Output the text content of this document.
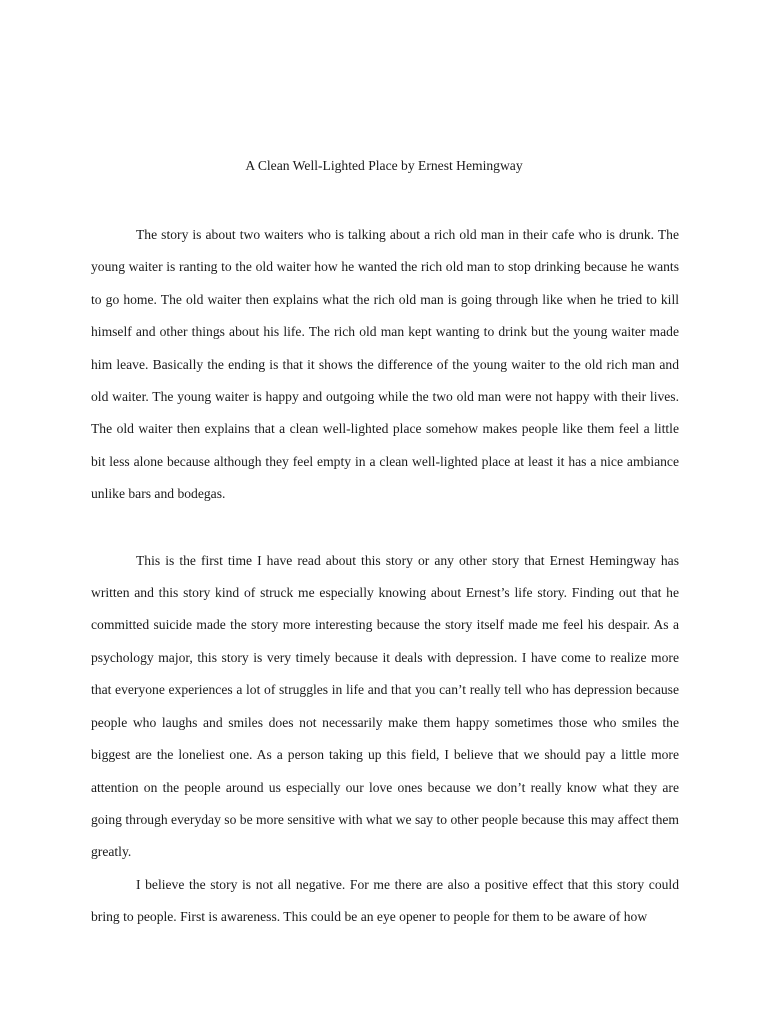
A Clean Well-Lighted Place by Ernest Hemingway

The story is about two waiters who is talking about a rich old man in their cafe who is drunk. The young waiter is ranting to the old waiter how he wanted the rich old man to stop drinking because he wants to go home. The old waiter then explains what the rich old man is going through like when he tried to kill himself and other things about his life. The rich old man kept wanting to drink but the young waiter made him leave. Basically the ending is that it shows the difference of the young waiter to the old rich man and old waiter. The young waiter is happy and outgoing while the two old man were not happy with their lives. The old waiter then explains that a clean well-lighted place somehow makes people like them feel a little bit less alone because although they feel empty in a clean well-lighted place at least it has a nice ambiance unlike bars and bodegas.

This is the first time I have read about this story or any other story that Ernest Hemingway has written and this story kind of struck me especially knowing about Ernest’s life story. Finding out that he committed suicide made the story more interesting because the story itself made me feel his despair. As a psychology major, this story is very timely because it deals with depression. I have come to realize more that everyone experiences a lot of struggles in life and that you can’t really tell who has depression because people who laughs and smiles does not necessarily make them happy sometimes those who smiles the biggest are the loneliest one. As a person taking up this field, I believe that we should pay a little more attention on the people around us especially our love ones because we don’t really know what they are going through everyday so be more sensitive with what we say to other people because this may affect them greatly.

I believe the story is not all negative. For me there are also a positive effect that this story could bring to people. First is awareness. This could be an eye opener to people for them to be aware of how
